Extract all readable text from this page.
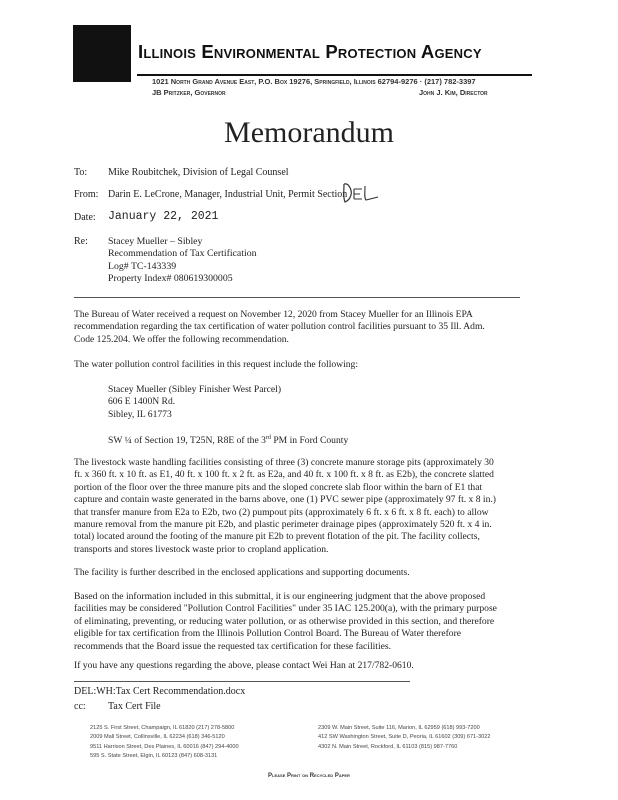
Illinois Environmental Protection Agency
1021 North Grand Avenue East, P.O. Box 19276, Springfield, Illinois 62794-9276 · (217) 782-3397
JB Pritzker, Governor	John J. Kim, Director
Memorandum
To: Mike Roubitchek, Division of Legal Counsel
From: Darin E. LeCrone, Manager, Industrial Unit, Permit Section
DEL
Date: January 22, 2021
Re: Stacey Mueller – Sibley
Recommendation of Tax Certification
Log# TC-143339
Property Index# 080619300005
The Bureau of Water received a request on November 12, 2020 from Stacey Mueller for an Illinois EPA
recommendation regarding the tax certification of water pollution control facilities pursuant to 35 Ill. Adm.
Code 125.204. We offer the following recommendation.
The water pollution control facilities in this request include the following:
Stacey Mueller (Sibley Finisher West Parcel)
606 E 1400N Rd.
Sibley, IL 61773
SW ¼ of Section 19, T25N, R8E of the 3rd PM in Ford County
The livestock waste handling facilities consisting of three (3) concrete manure storage pits (approximately 30
ft. x 360 ft. x 10 ft. as E1, 40 ft. x 100 ft. x 2 ft. as E2a, and 40 ft. x 100 ft. x 8 ft. as E2b), the concrete slatted
portion of the floor over the three manure pits and the sloped concrete slab floor within the barn of E1 that
capture and contain waste generated in the barns above, one (1) PVC sewer pipe (approximately 97 ft. x 8 in.)
that transfer manure from E2a to E2b, two (2) pumpout pits (approximately 6 ft. x 6 ft. x 8 ft. each) to allow
manure removal from the manure pit E2b, and plastic perimeter drainage pipes (approximately 520 ft. x 4 in.
total) located around the footing of the manure pit E2b to prevent flotation of the pit. The facility collects,
transports and stores livestock waste prior to cropland application.
The facility is further described in the enclosed applications and supporting documents.
Based on the information included in this submittal, it is our engineering judgment that the above proposed
facilities may be considered "Pollution Control Facilities" under 35 IAC 125.200(a), with the primary purpose
of eliminating, preventing, or reducing water pollution, or as otherwise provided in this section, and therefore
eligible for tax certification from the Illinois Pollution Control Board. The Bureau of Water therefore
recommends that the Board issue the requested tax certification for these facilities.
If you have any questions regarding the above, please contact Wei Han at 217/782-0610.
DEL:WH:Tax Cert Recommendation.docx
cc: Tax Cert File
2125 S. First Street, Champaign, IL 61820 (217) 278-5800
2009 Mall Street, Collinsville, IL 62234 (618) 346-5120
9511 Harrison Street, Des Plaines, IL 60016 (847) 294-4000
595 S. State Street, Elgin, IL 60123 (847) 608-3131
2309 W. Main Street, Suite 116, Marion, IL 62959 (618) 993-7200
412 SW Washington Street, Suite D, Peoria, IL 61602 (309) 671-3022
4302 N. Main Street, Rockford, IL 61103 (815) 987-7760
Please Print on Recycled Paper
